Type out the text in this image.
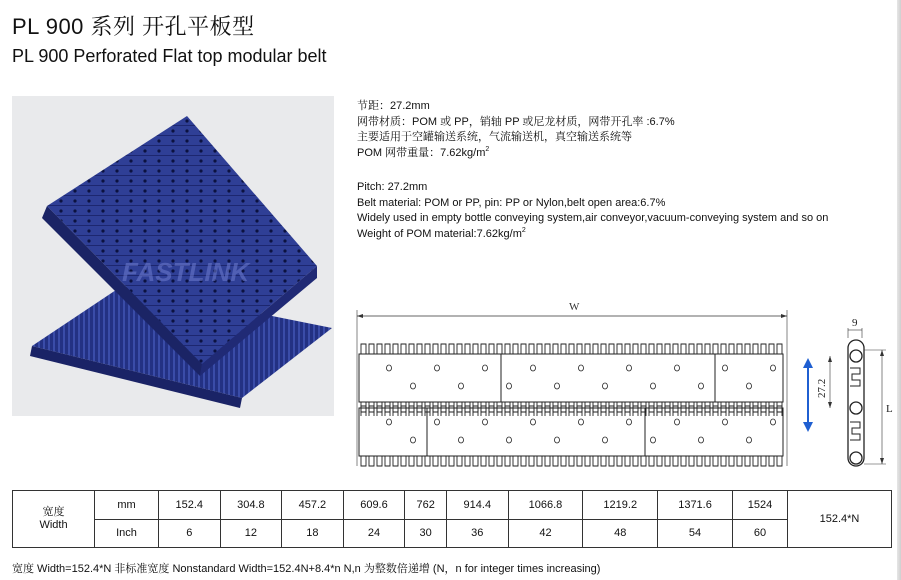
PL 900 系列 开孔平板型
PL 900 Perforated Flat top modular belt
FASTLINK

节距：27.2mm

网带材质：POM 或 PP，销轴 PP 或尼龙材质，网带开孔率 :6.7%

主要适用于空罐输送系统，气流输送机，真空输送系统等

POM 网带重量：$7.62kg/m^2$

Pitch: 27.2mm

Belt material: POM or PP, pin: PP or Nylon,belt open area:6.7%

Widely used in empty bottle conveying system,air conveyor,vacuum-conveying system and so on

Weight of POM $material:7.62kg/m^2$

W
9
27.2
L
宽度
Width	mm	152.4	304.8	457.2	609.6	762	914.4	1066.8	1219.2	1371.6	1524	152.4*N
	Inch	6	12	18	24	30	36	42	48	54	60	
宽度 Width=152.4*N 非标准宽度 Nonstandard Width=152.4N+8.4*n N,n 为整数倍递增 (N，n for integer times increasing)
